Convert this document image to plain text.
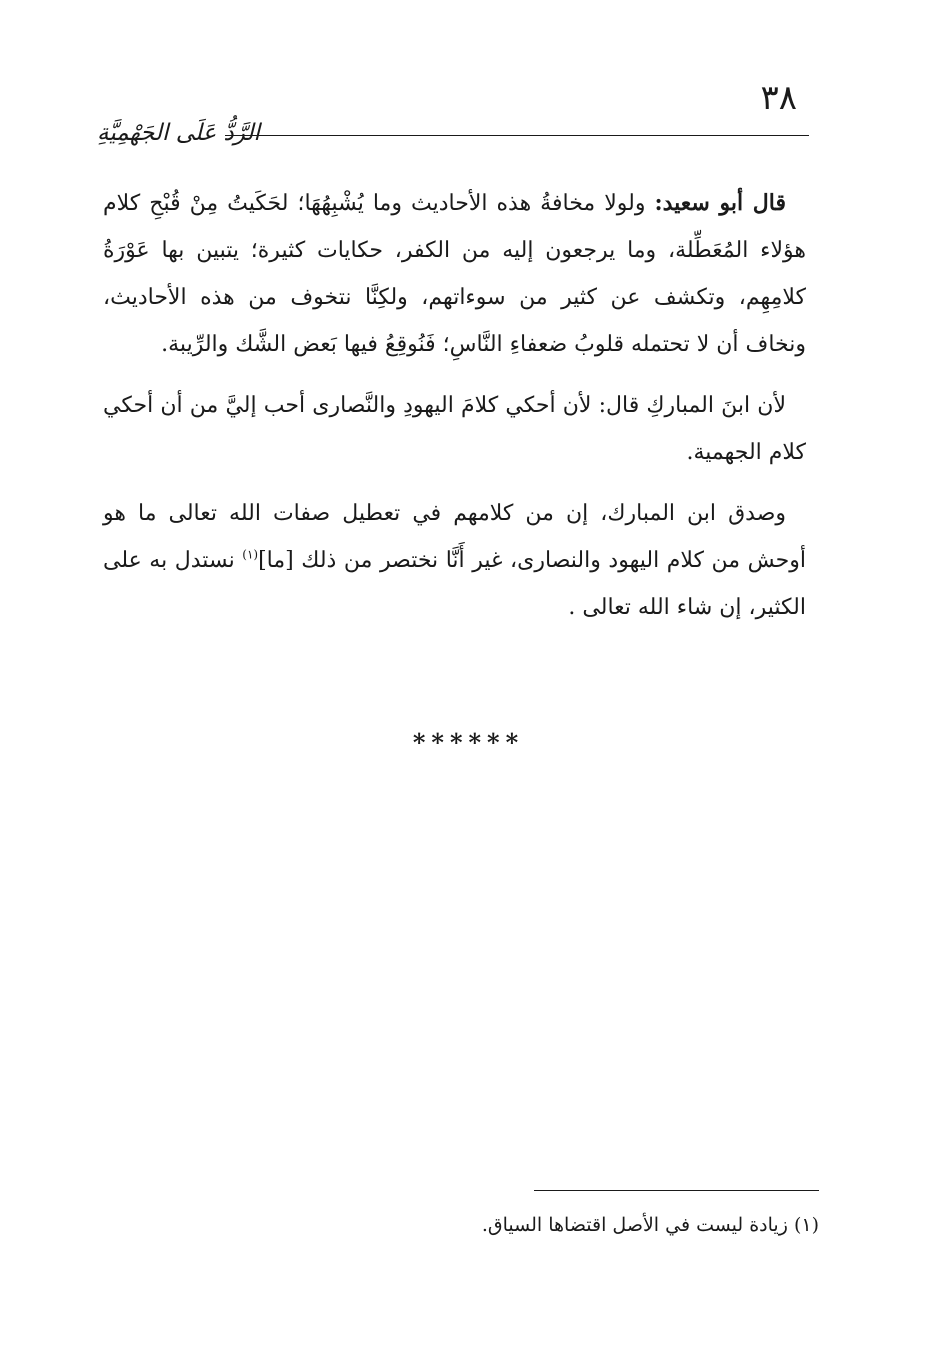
٣٨
الرَّدُّ عَلَى الجَهْمِيَّةِ

قال أبو سعيد: ولولا مخافةُ هذه الأحاديث وما يُشْبِهُهَا؛ لحَكَيتُ مِنْ قُبْحِ كلام هؤلاء المُعَطِّلة، وما يرجعون إليه من الكفر، حكايات كثيرة؛ يتبين بها عَوْرَةُ كلامِهِم، وتكشف عن كثير من سوءاتهم، ولكِنَّا نتخوف من هذه الأحاديث، ونخاف أن لا تحتمله قلوبُ ضعفاءِ النَّاسِ؛ فَنُوقِعُ فيها بَعض الشَّك والرِّيبة.

لأن ابنَ المباركِ قال: لأن أحكي كلامَ اليهودِ والنَّصارى أحب إليَّ من أن أحكي كلام الجهمية.

وصدق ابن المبارك، إن من كلامهم في تعطيل صفات الله تعالى ما هو أوحش من كلام اليهود والنصارى، غير أَنَّا نختصر من ذلك [ما]$^{(١)}$ نستدل به على الكثير، إن شاء الله تعالى .

******
(١) زيادة ليست في الأصل اقتضاها السياق.
